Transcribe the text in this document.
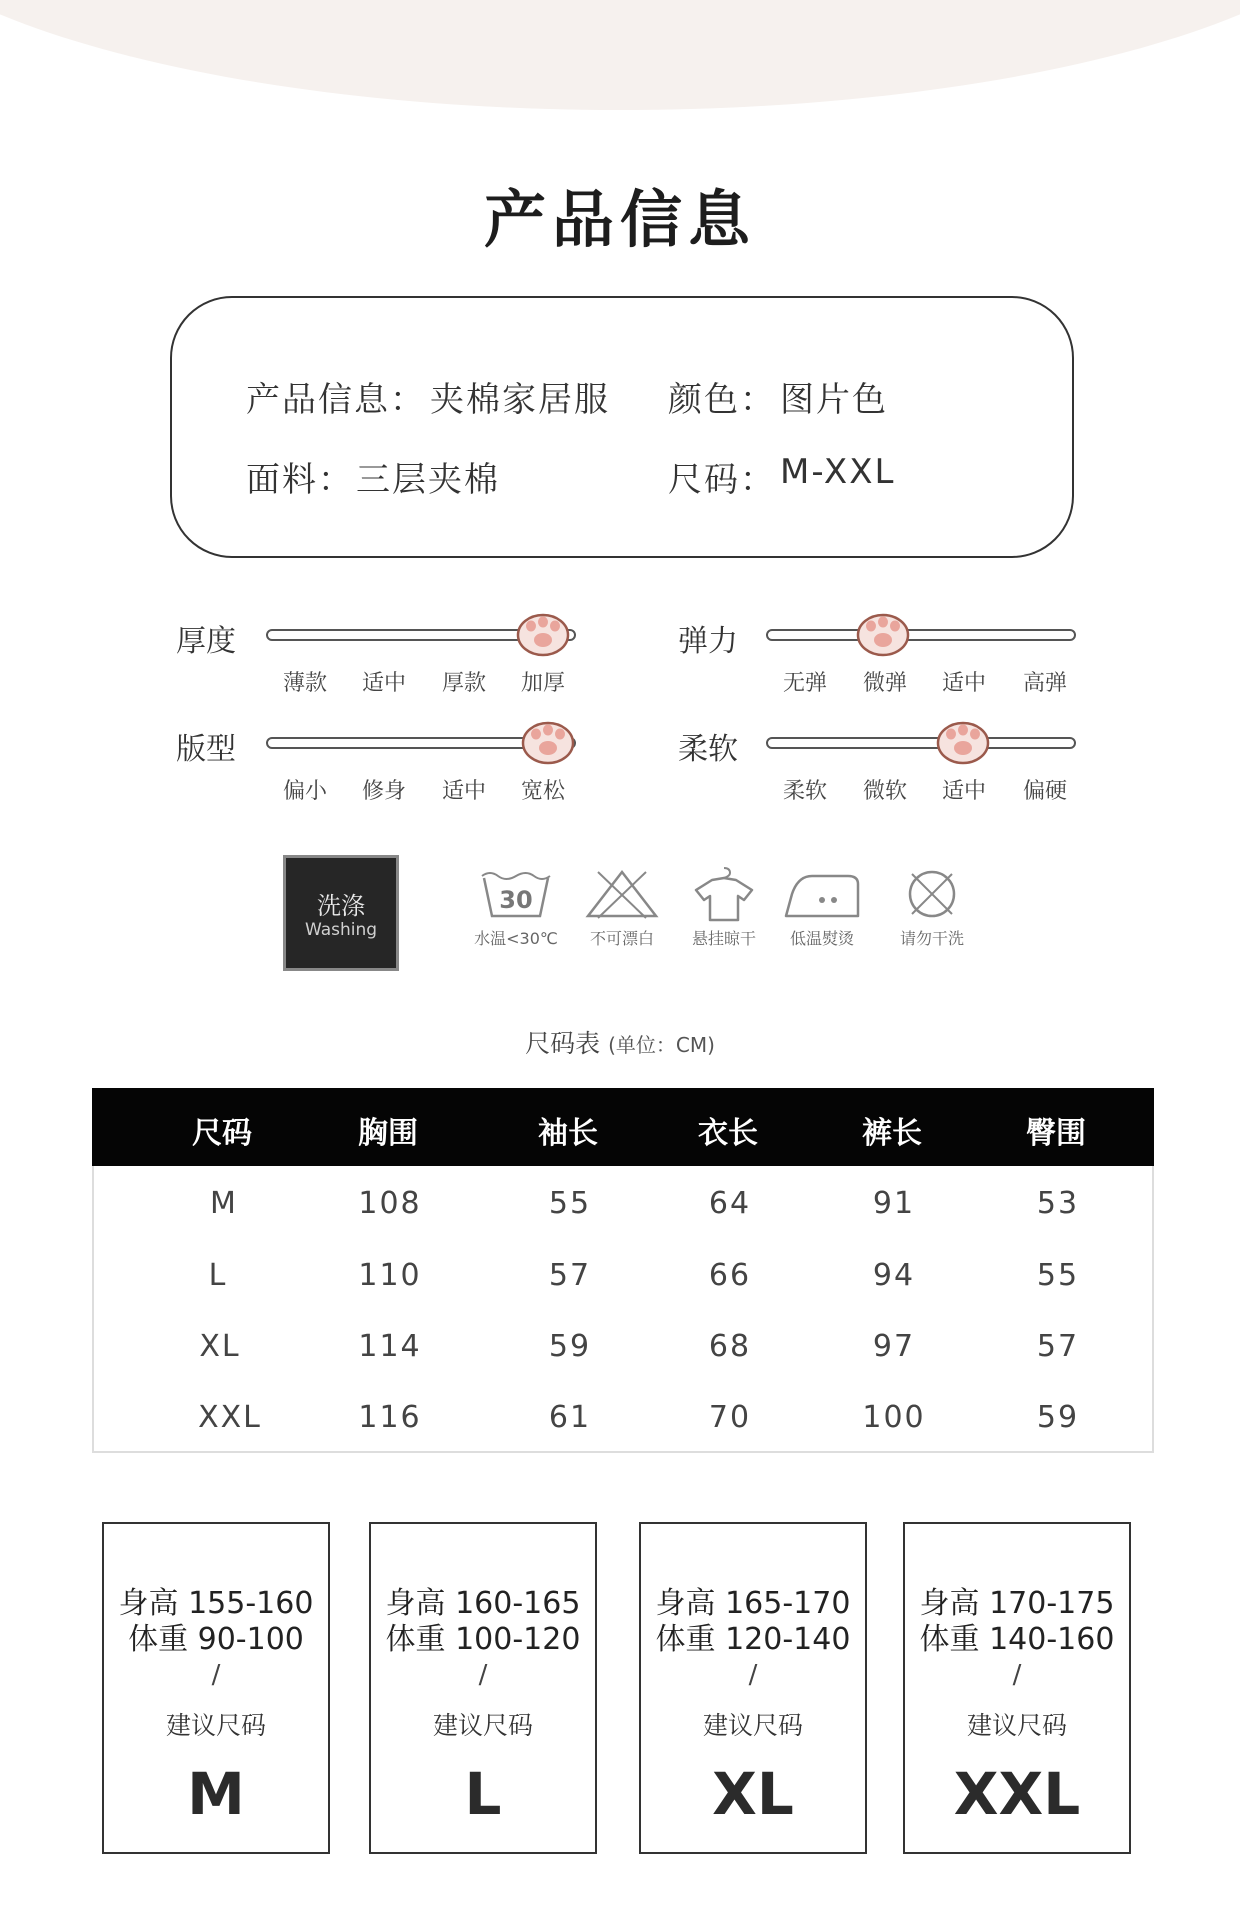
产品信息
产品信息： 夹棉家居服 颜色： 图片色
面料： 三层夹棉	尺码： M-XXL
厚度
薄款	适中	厚款	加厚
弹力
无弹	微弹	适中	高弹
版型
偏小	修身	适中	宽松
柔软
柔软	微软	适中	偏硬
洗涤
Washing
30
水温<30℃	不可漂白	悬挂晾干	低温熨烫	请勿干洗
尺码表 (单位：CM)
尺码	胸围	袖长	衣长	裤长	臀围
M	108	55	64	91	53
L	110	57	66	94	55
XL	114	59	68	97	57
XXL	116	61	70	100	59
身高 155-160
体重 90-100
/
建议尺码
M
身高 160-165
体重 100-120
/
建议尺码
L
身高 165-170
体重 120-140
/
建议尺码
XL
身高 170-175
体重 140-160
/
建议尺码
XXL
